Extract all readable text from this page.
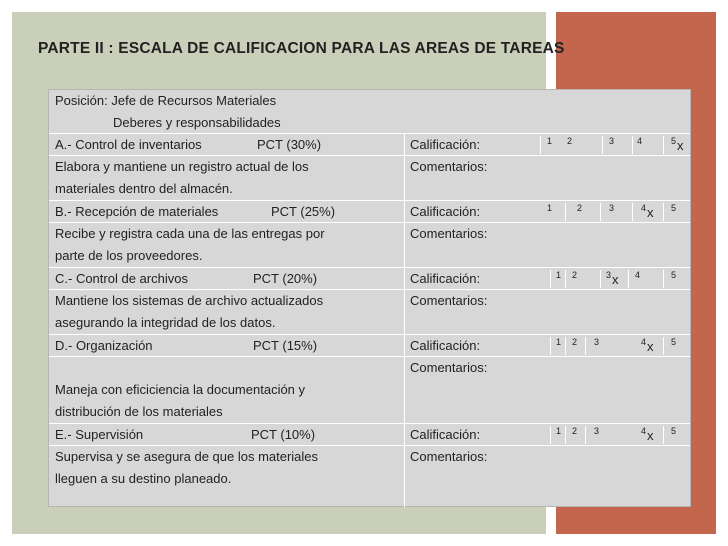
PARTE II : ESCALA DE CALIFICACION PARA LAS AREAS DE TAREAS
Posición: Jefe de Recursos Materiales
Deberes y responsabilidades
A.- Control de inventarios	PCT (30%)	Calificación:	1 2	3	4	5 x
Elabora y mantiene un registro actual de los
materiales dentro del almacén.
Comentarios:
B.- Recepción de materiales	PCT (25%)	Calificación:	1	2	3	4 x 5
Recibe y registra cada una de las entregas por
parte de los proveedores.
Comentarios:
C.- Control de archivos	PCT (20%)	Calificación:	1 2	3 x 4	5
Mantiene los sistemas de archivo actualizados
asegurando la integridad de los datos.
Comentarios:
D.- Organización	PCT (15%)	Calificación:	1 2 3	4 x 5
Maneja con eficiciencia la documentación y
distribución de los materiales
Comentarios:
E.- Supervisión	PCT (10%)	Calificación:	1 2 3	4 x 5
Supervisa y se asegura de que los materiales
lleguen a su destino planeado.
Comentarios:
